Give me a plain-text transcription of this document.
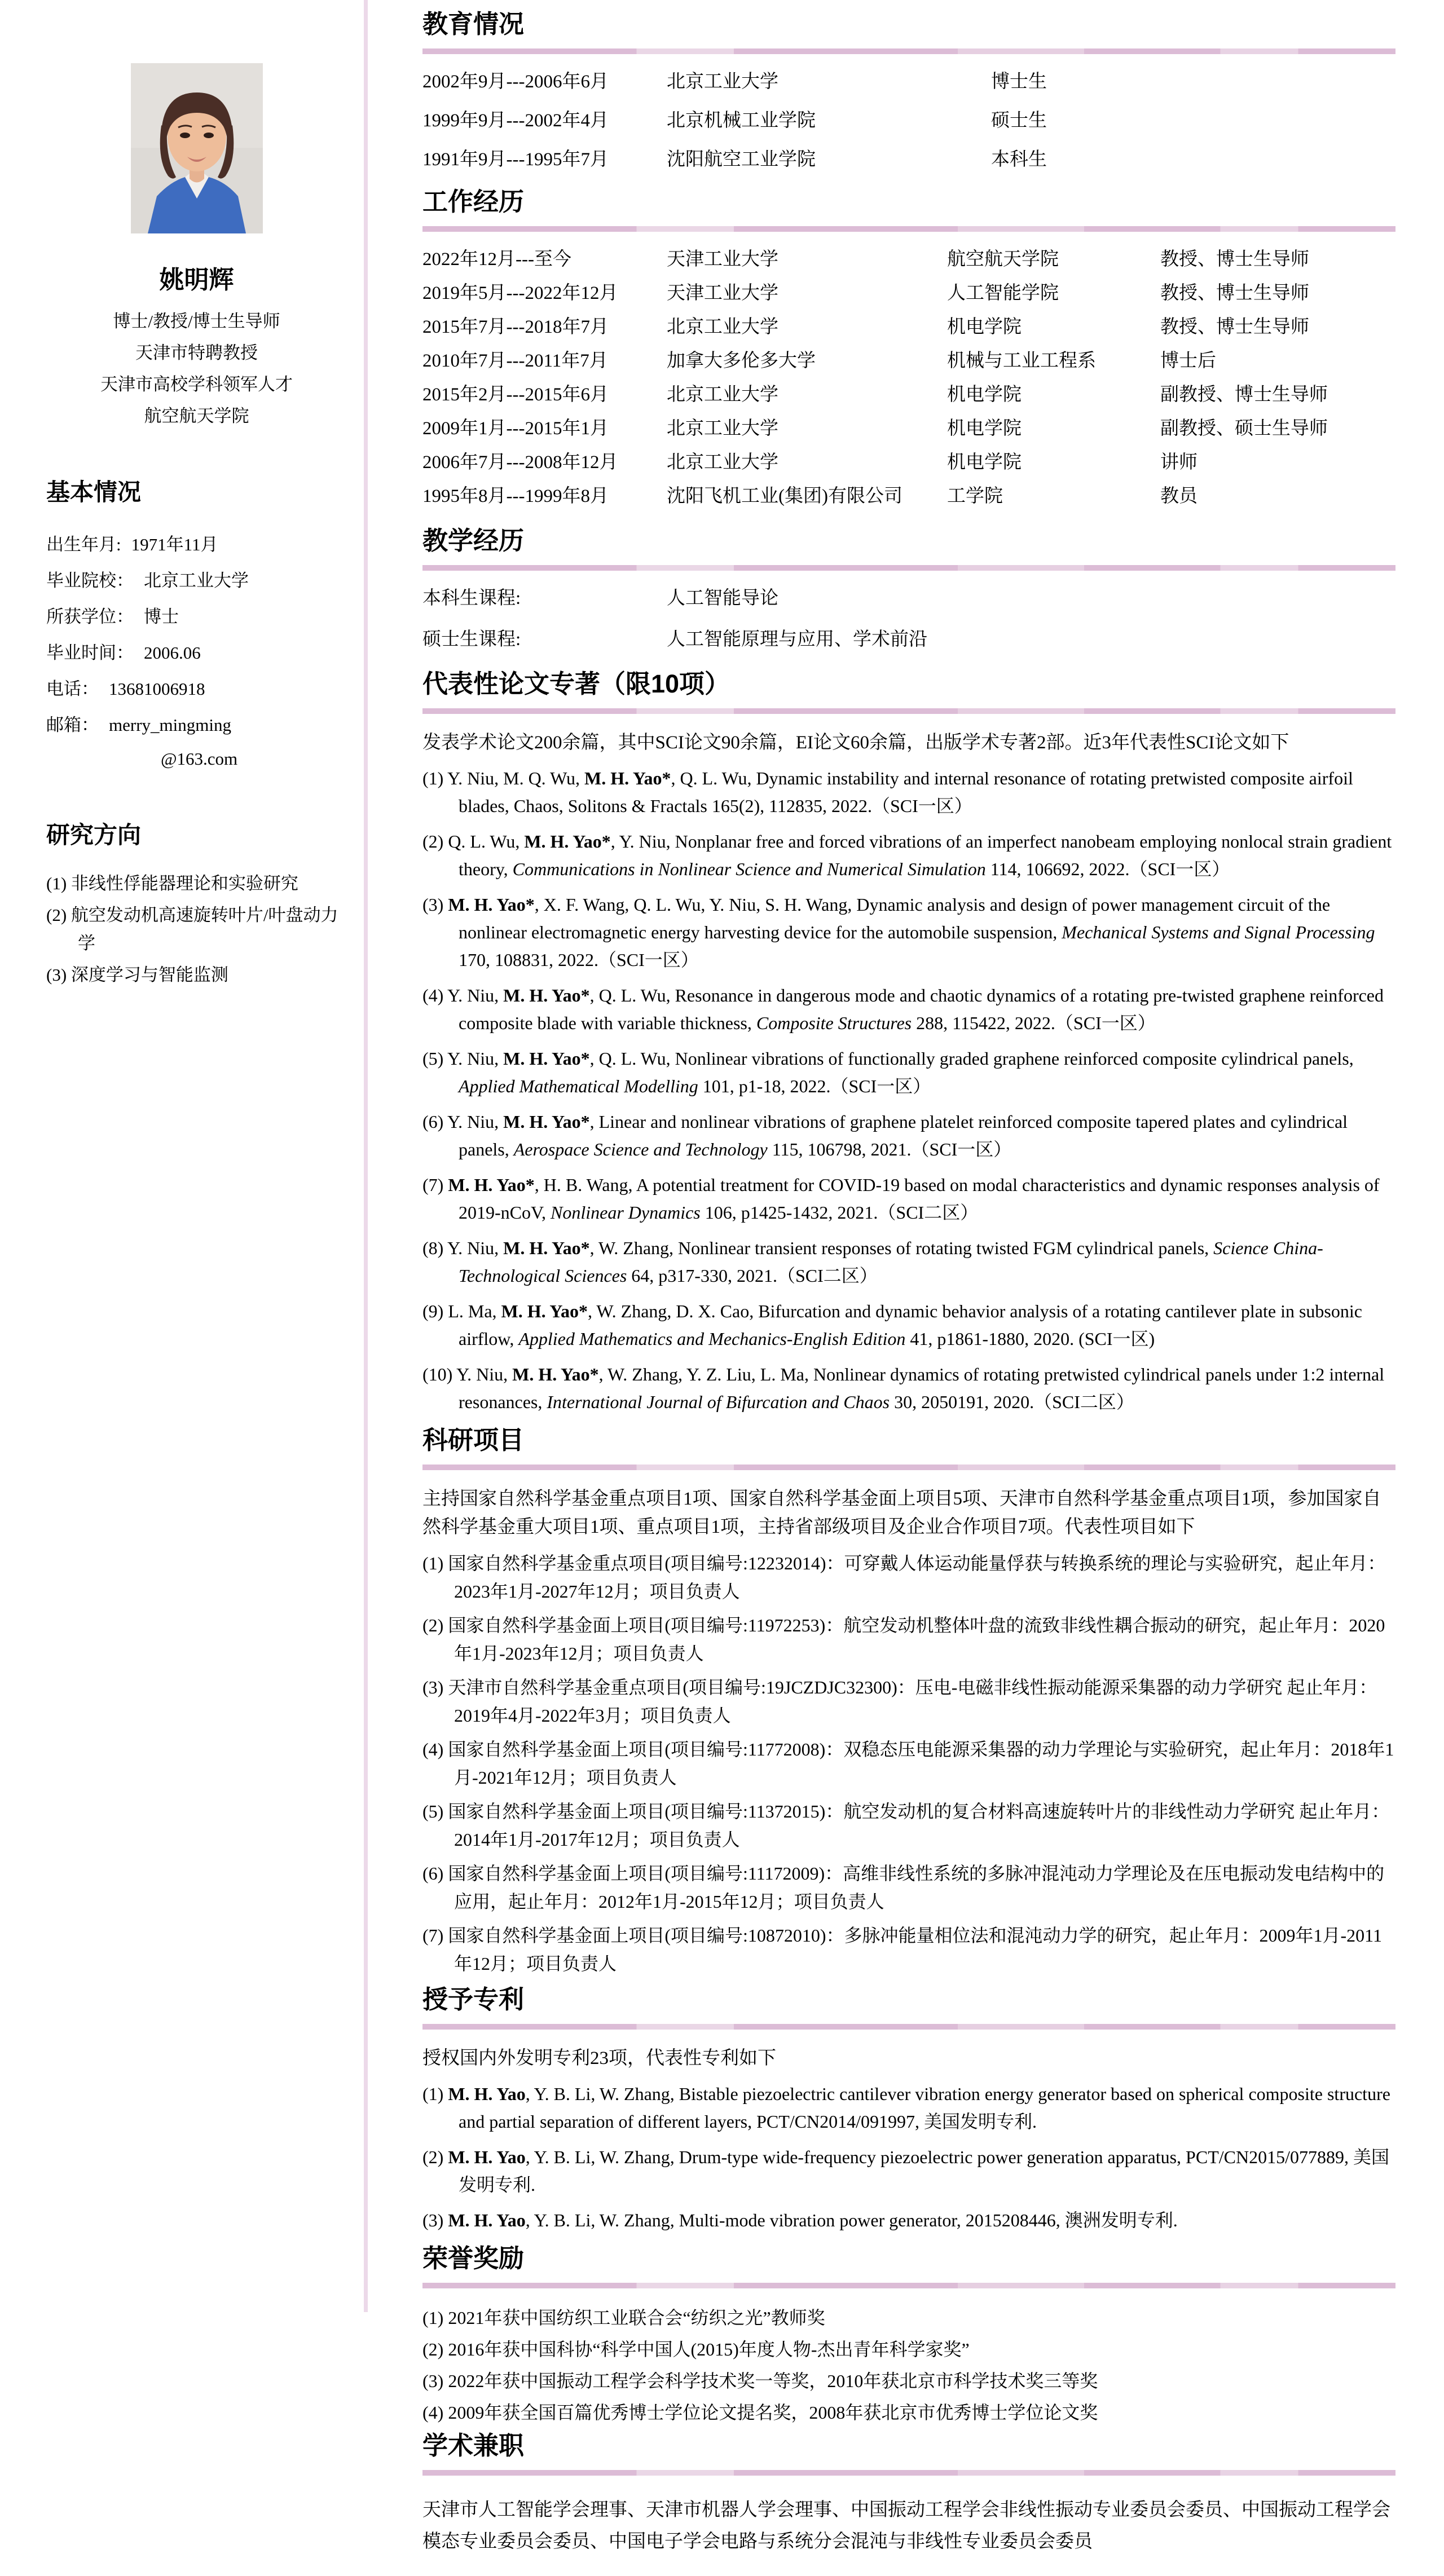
姚明辉
博士/教授/博士生导师
天津市特聘教授
天津市高校学科领军人才
航空航天学院
基本情况
出生年月: 1971年11月
毕业院校： 北京工业大学
所获学位： 博士
毕业时间： 2006.06
电话： 13681006918
邮箱： merry_mingming
@163.com
研究方向
(1) 非线性俘能器理论和实验研究
(2) 航空发动机高速旋转叶片/叶盘动力学
(3) 深度学习与智能监测
教育情况
2002年9月---2006年6月	北京工业大学	博士生
1999年9月---2002年4月	北京机械工业学院	硕士生
1991年9月---1995年7月	沈阳航空工业学院	本科生
工作经历
2022年12月---至今	天津工业大学	航空航天学院	教授、博士生导师
2019年5月---2022年12月	天津工业大学	人工智能学院	教授、博士生导师
2015年7月---2018年7月	北京工业大学	机电学院	教授、博士生导师
2010年7月---2011年7月	加拿大多伦多大学	机械与工业工程系	博士后
2015年2月---2015年6月	北京工业大学	机电学院	副教授、博士生导师
2009年1月---2015年1月	北京工业大学	机电学院	副教授、硕士生导师
2006年7月---2008年12月	北京工业大学	机电学院	讲师
1995年8月---1999年8月	沈阳飞机工业(集团)有限公司	工学院	教员
教学经历
本科生课程:	人工智能导论
硕士生课程:	人工智能原理与应用、学术前沿
代表性论文专著（限10项）

发表学术论文200余篇，其中SCI论文90余篇，EI论文60余篇，出版学术专著2部。近3年代表性SCI论文如下

(1) Y. Niu, M. Q. Wu, M. H. Yao*, Q. L. Wu, Dynamic instability and internal resonance of rotating pretwisted composite airfoil blades, Chaos, Solitons & Fractals 165(2), 112835, 2022.（SCI一区）
(2) Q. L. Wu, M. H. Yao*, Y. Niu, Nonplanar free and forced vibrations of an imperfect nanobeam employing nonlocal strain gradient theory, Communications in Nonlinear Science and Numerical Simulation 114, 106692, 2022.（SCI一区）
(3) M. H. Yao*, X. F. Wang, Q. L. Wu, Y. Niu, S. H. Wang, Dynamic analysis and design of power management circuit of the nonlinear electromagnetic energy harvesting device for the automobile suspension, Mechanical Systems and Signal Processing 170, 108831, 2022.（SCI一区）
(4) Y. Niu, M. H. Yao*, Q. L. Wu, Resonance in dangerous mode and chaotic dynamics of a rotating pre-twisted graphene reinforced composite blade with variable thickness, Composite Structures 288, 115422, 2022.（SCI一区）
(5) Y. Niu, M. H. Yao*, Q. L. Wu, Nonlinear vibrations of functionally graded graphene reinforced composite cylindrical panels, Applied Mathematical Modelling 101, p1-18, 2022.（SCI一区）
(6) Y. Niu, M. H. Yao*, Linear and nonlinear vibrations of graphene platelet reinforced composite tapered plates and cylindrical panels, Aerospace Science and Technology 115, 106798, 2021.（SCI一区）
(7) M. H. Yao*, H. B. Wang, A potential treatment for COVID-19 based on modal characteristics and dynamic responses analysis of 2019-nCoV, Nonlinear Dynamics 106, p1425-1432, 2021.（SCI二区）
(8) Y. Niu, M. H. Yao*, W. Zhang, Nonlinear transient responses of rotating twisted FGM cylindrical panels, Science China-Technological Sciences 64, p317-330, 2021.（SCI二区）
(9) L. Ma, M. H. Yao*, W. Zhang, D. X. Cao, Bifurcation and dynamic behavior analysis of a rotating cantilever plate in subsonic airflow, Applied Mathematics and Mechanics-English Edition 41, p1861-1880, 2020. (SCI一区)
(10) Y. Niu, M. H. Yao*, W. Zhang, Y. Z. Liu, L. Ma, Nonlinear dynamics of rotating pretwisted cylindrical panels under 1:2 internal resonances, International Journal of Bifurcation and Chaos 30, 2050191, 2020.（SCI二区）
科研项目

主持国家自然科学基金重点项目1项、国家自然科学基金面上项目5项、天津市自然科学基金重点项目1项，参加国家自然科学基金重大项目1项、重点项目1项，主持省部级项目及企业合作项目7项。代表性项目如下

(1) 国家自然科学基金重点项目(项目编号:12232014)：可穿戴人体运动能量俘获与转换系统的理论与实验研究，起止年月：2023年1月-2027年12月；项目负责人
(2) 国家自然科学基金面上项目(项目编号:11972253)：航空发动机整体叶盘的流致非线性耦合振动的研究，起止年月：2020年1月-2023年12月；项目负责人
(3) 天津市自然科学基金重点项目(项目编号:19JCZDJC32300)：压电-电磁非线性振动能源采集器的动力学研究 起止年月：2019年4月-2022年3月；项目负责人
(4) 国家自然科学基金面上项目(项目编号:11772008)：双稳态压电能源采集器的动力学理论与实验研究，起止年月：2018年1月-2021年12月；项目负责人
(5) 国家自然科学基金面上项目(项目编号:11372015)：航空发动机的复合材料高速旋转叶片的非线性动力学研究 起止年月：2014年1月-2017年12月；项目负责人
(6) 国家自然科学基金面上项目(项目编号:11172009)：高维非线性系统的多脉冲混沌动力学理论及在压电振动发电结构中的应用，起止年月：2012年1月-2015年12月；项目负责人
(7) 国家自然科学基金面上项目(项目编号:10872010)：多脉冲能量相位法和混沌动力学的研究，起止年月：2009年1月-2011年12月；项目负责人
授予专利

授权国内外发明专利23项，代表性专利如下

(1) M. H. Yao, Y. B. Li, W. Zhang, Bistable piezoelectric cantilever vibration energy generator based on spherical composite structure and partial separation of different layers, PCT/CN2014/091997, 美国发明专利.
(2) M. H. Yao, Y. B. Li, W. Zhang, Drum-type wide-frequency piezoelectric power generation apparatus, PCT/CN2015/077889, 美国发明专利.
(3) M. H. Yao, Y. B. Li, W. Zhang, Multi-mode vibration power generator, 2015208446, 澳洲发明专利.
荣誉奖励
(1) 2021年获中国纺织工业联合会“纺织之光”教师奖
(2) 2016年获中国科协“科学中国人(2015)年度人物-杰出青年科学家奖”
(3) 2022年获中国振动工程学会科学技术奖一等奖，2010年获北京市科学技术奖三等奖
(4) 2009年获全国百篇优秀博士学位论文提名奖，2008年获北京市优秀博士学位论文奖
学术兼职

天津市人工智能学会理事、天津市机器人学会理事、中国振动工程学会非线性振动专业委员会委员、中国振动工程学会模态专业委员会委员、中国电子学会电路与系统分会混沌与非线性专业委员会委员
